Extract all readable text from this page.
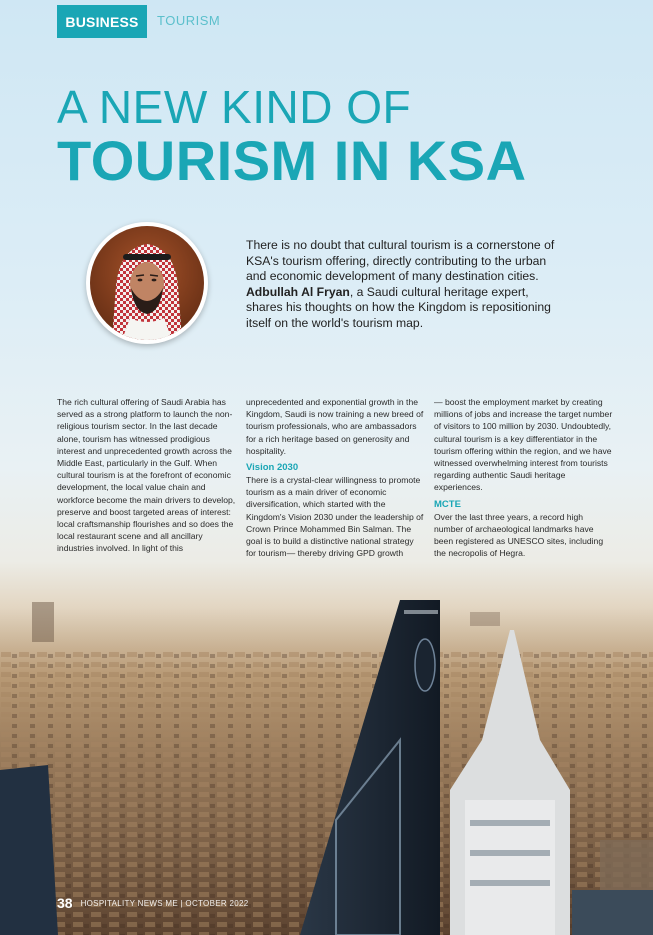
BUSINESS	TOURISM
A NEW KIND OF
TOURISM IN KSA
There is no doubt that cultural tourism is a cornerstone of KSA's tourism offering, directly contributing to the urban and economic development of many destination cities. Adbullah Al Fryan, a Saudi cultural heritage expert, shares his thoughts on how the Kingdom is repositioning itself on the world's tourism map.

The rich cultural offering of Saudi Arabia has served as a strong platform to launch the non-religious tourism sector. In the last decade alone, tourism has witnessed prodigious interest and unprecedented growth across the Middle East, particularly in the Gulf. When cultural tourism is at the forefront of economic development, the local value chain and workforce become the main drivers to develop, preserve and boost targeted areas of interest: local craftsmanship flourishes and so does the local restaurant scene and all ancillary industries involved. In light of this

unprecedented and exponential growth in the Kingdom, Saudi is now training a new breed of tourism professionals, who are ambassadors for a rich heritage based on generosity and hospitality.

Vision 2030

There is a crystal-clear willingness to promote tourism as a main driver of economic diversification, which started with the Kingdom's Vision 2030 under the leadership of Crown Prince Mohammed Bin Salman. The goal is to build a distinctive national strategy for tourism— thereby driving GPD growth

— boost the employment market by creating millions of jobs and increase the target number of visitors to 100 million by 2030. Undoubtedly, cultural tourism is a key differentiator in the tourism offering within the region, and we have witnessed overwhelming interest from tourists regarding authentic Saudi heritage experiences.

MCTE

Over the last three years, a record high number of archaeological landmarks have been registered as UNESCO sites, including the necropolis of Hegra.

38 HOSPITALITY NEWS ME | OCTOBER 2022
